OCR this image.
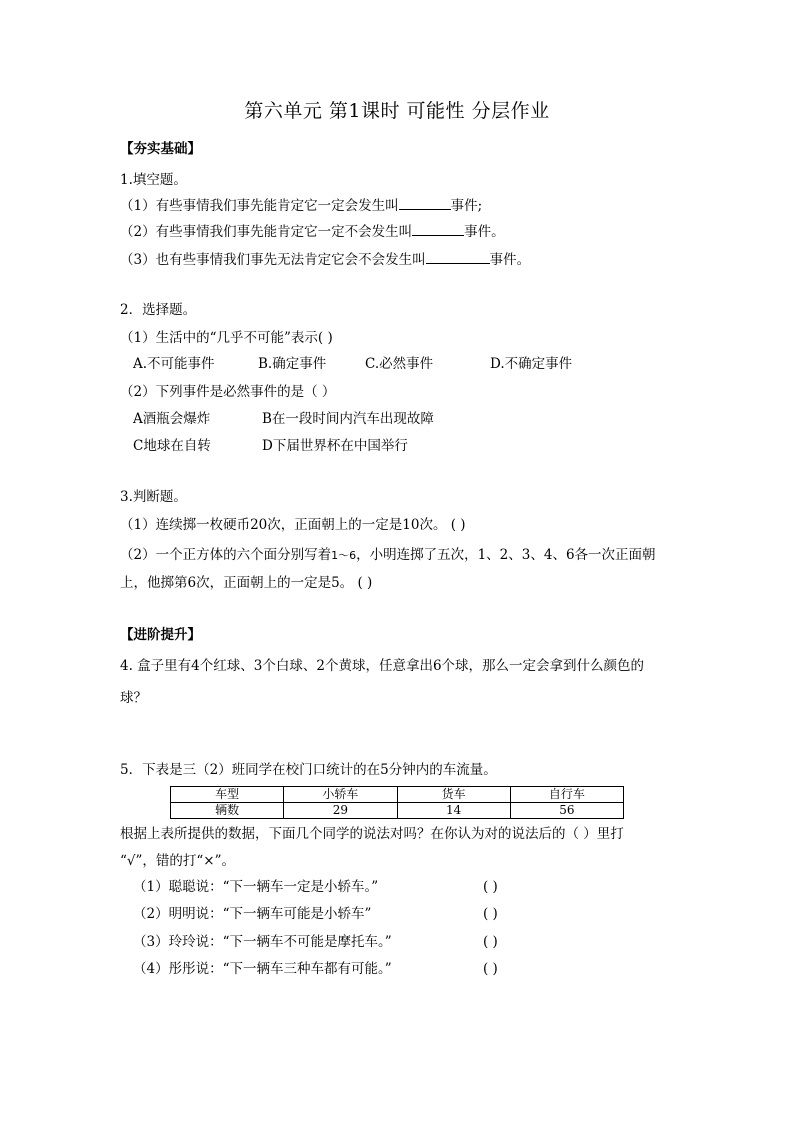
第六单元 第1课时 可能性 分层作业
【夯实基础】
1.填空题。
（1）有些事情我们事先能肯定它一定会发生叫	事件;
（2）有些事情我们事先能肯定它一定不会发生叫	事件。
（3）也有些事情我们事先无法肯定它会不会发生叫	事件。
2．选择题。
（1）生活中的“几乎不可能”表示( )
A.不可能事件	B.确定事件	C.必然事件	D.不确定事件
（2）下列事件是必然事件的是（ ）
A酒瓶会爆炸	B在一段时间内汽车出现故障
C地球在自转	D下届世界杯在中国举行
3.判断题。
（1）连续掷一枚硬币20次，正面朝上的一定是10次。 ( )
（2）一个正方体的六个面分别写着1～6，小明连掷了五次，1、2、3、4、6各一次正面朝
上，他掷第6次，正面朝上的一定是5。 ( )
【进阶提升】
4. 盒子里有4个红球、3个白球、2个黄球，任意拿出6个球，那么一定会拿到什么颜色的
球？
5．下表是三（2）班同学在校门口统计的在5分钟内的车流量。
车型	小轿车	货车	自行车
辆数	29	14	56
根据上表所提供的数据，下面几个同学的说法对吗？在你认为对的说法后的（ ）里打
“√”，错的打“×”。
（1）聪聪说：“下一辆车一定是小轿车。”	( )
（2）明明说：“下一辆车可能是小轿车”	( )
（3）玲玲说：“下一辆车不可能是摩托车。”	( )
（4）彤彤说：“下一辆车三种车都有可能。”	( )
